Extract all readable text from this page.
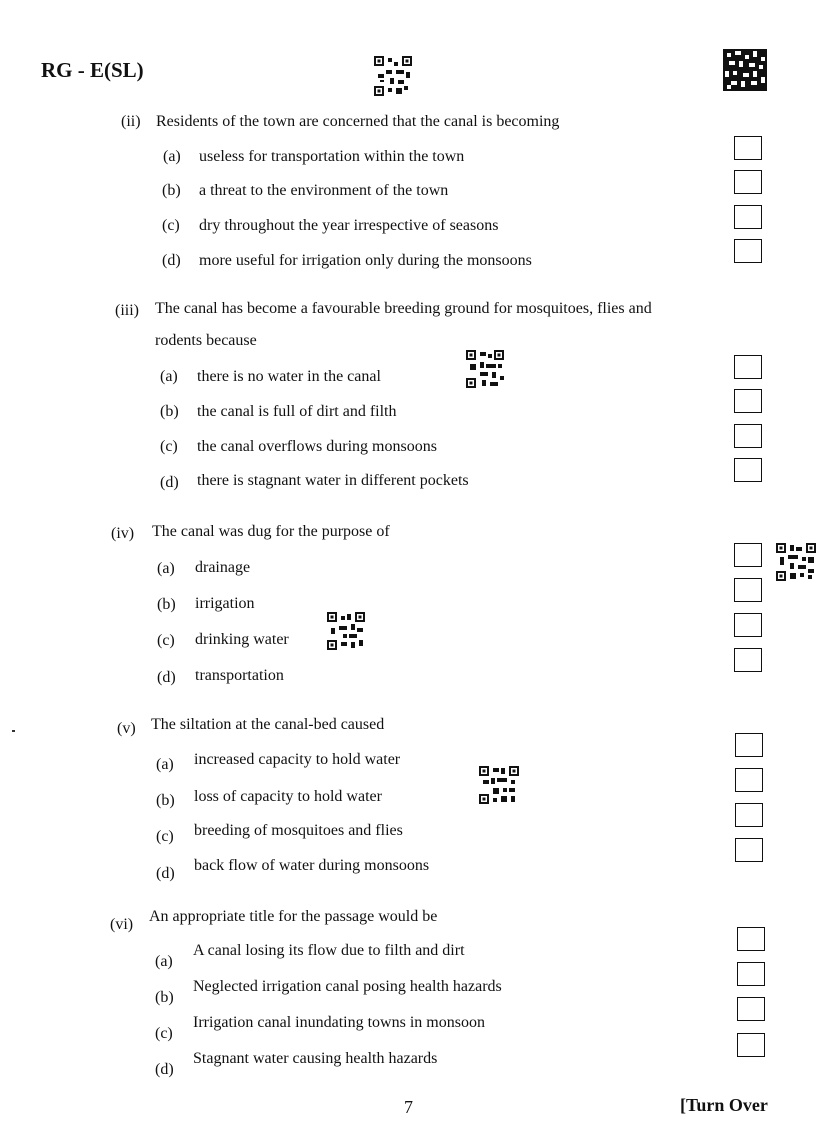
RG - E(SL)
(ii) Residents of the town are concerned that the canal is becoming
(a) useless for transportation within the town
(b) a threat to the environment of the town
(c) dry throughout the year irrespective of seasons
(d) more useful for irrigation only during the monsoons
(iii) The canal has become a favourable breeding ground for mosquitoes, flies and
rodents because
(a) there is no water in the canal
(b) the canal is full of dirt and filth
(c) the canal overflows during monsoons
(d) there is stagnant water in different pockets
(iv) The canal was dug for the purpose of
(a) drainage
(b) irrigation
(c) drinking water
(d) transportation
(v) The siltation at the canal-bed caused
(a) increased capacity to hold water
(b) loss of capacity to hold water
(c) breeding of mosquitoes and flies
(d) back flow of water during monsoons
(vi) An appropriate title for the passage would be
(a)
A canal losing its flow due to filth and dirt
(b)
Neglected irrigation canal posing health hazards
(c)
Irrigation canal inundating towns in monsoon
(d)
Stagnant water causing health hazards
7	[Turn Over
